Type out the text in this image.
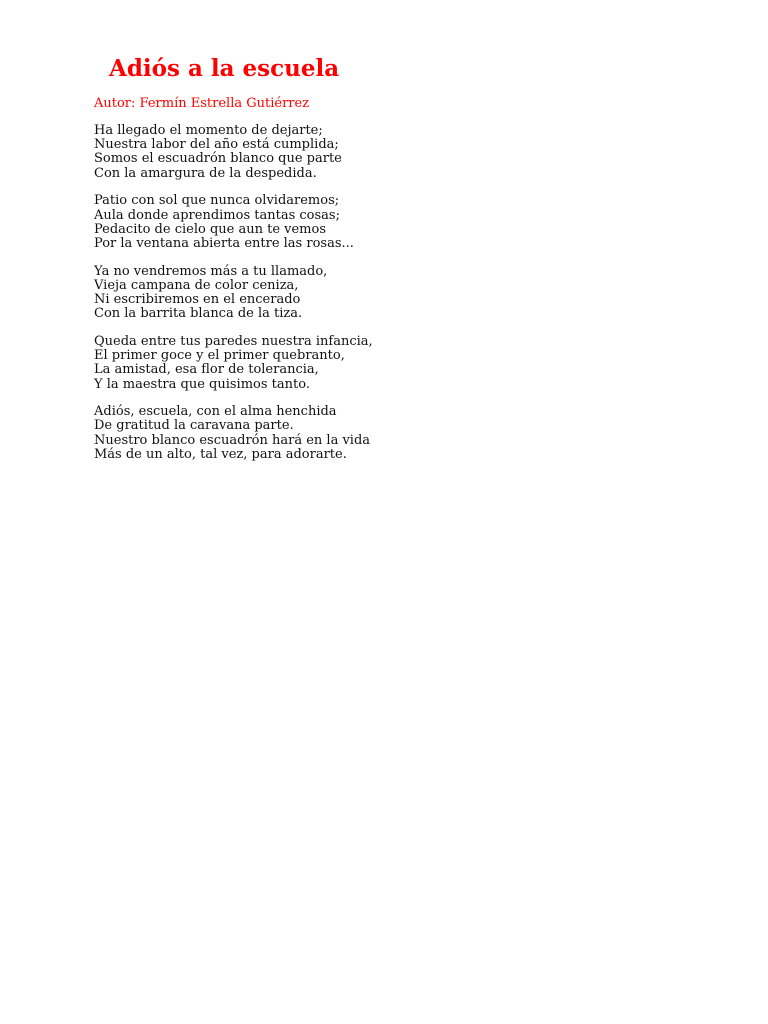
Adiós a la escuela
Autor: Fermín Estrella Gutiérrez
Ha llegado el momento de dejarte;
Nuestra labor del año está cumplida;
Somos el escuadrón blanco que parte
Con la amargura de la despedida.
Patio con sol que nunca olvidaremos;
Aula donde aprendimos tantas cosas;
Pedacito de cielo que aun te vemos
Por la ventana abierta entre las rosas...
Ya no vendremos más a tu llamado,
Vieja campana de color ceniza,
Ni escribiremos en el encerado
Con la barrita blanca de la tiza.
Queda entre tus paredes nuestra infancia,
El primer goce y el primer quebranto,
La amistad, esa flor de tolerancia,
Y la maestra que quisimos tanto.
Adiós, escuela, con el alma henchida
De gratitud la caravana parte.
Nuestro blanco escuadrón hará en la vida
Más de un alto, tal vez, para adorarte.
